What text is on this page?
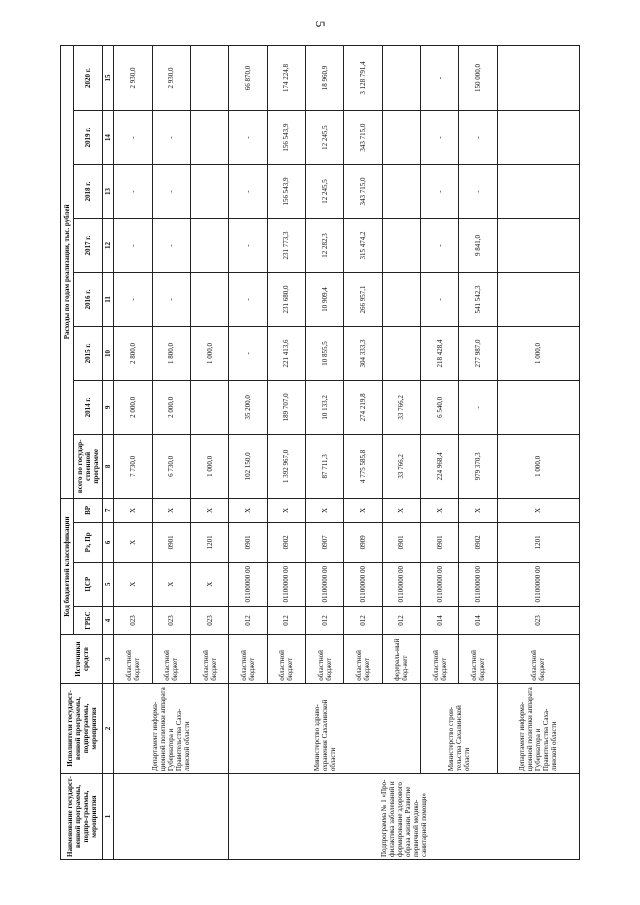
5
Наименование государст-венной программы, подпро-граммы, мероприятия	Исполнители государст-венной программы, подпрограммы, мероприятия	Источники средств	Код бюджетной классификации				Расходы по годам реализации, тыс. рублей							
			ГРБС	ЦСР	Рз, Пр	ВР	всего по государ-ственной программе	2014 г.	2015 г.	2016 г.	2017 г.	2018 г.	2019 г.	2020 г.
1	2	3	4	5	6	7	8	9	10	11	12	13	14	15
	Департамент информа-ционной политики аппарата Губернатора и Правительства Саха-линской области	областной бюджет	023	Х	Х	Х	7 730,0	2 000,0	2 800,0	-	-	-	-	2 930,0
		областной бюджет	023	Х	0901	Х	6 730,0	2 000,0	1 800,0	-	-	-	-	2 930,0
		областной бюджет	023	Х	1201	Х	1 000,0		1 000,0					
Подпрограмма № 1 «Про-филактика заболеваний и формирование здорового образа жизни. Развитие первичной медико-санитарной помощи»	Министерство здраво-охранения Сахалинской области	областной бюджет	012	01100000 00	0901	Х	102 150,0	35 200,0	-	-	-	-	-	66 870,0
		областной бюджет	012	01100000 00	0902	Х	1 392 967,0	189 707,0	221 413,6	231 680,0	231 773,3	156 543,9	156 543,9	174 224,8
		областной бюджет	012	01100000 00	0907	Х	87 711,3	10 133,2	10 855,5	10 909,4	12 282,3	12 245,5	12 245,5	18 960,9
		областной бюджет	012	01100000 00	0909	Х	4 775 585,8	274 219,8	304 333,3	266 957,1	315 474,2	343 715,0	343 715,0	3 128 791,4
		федераль-ный бюд-жет	012	01100000 00	0901	Х	33 766,2	33 766,2						
	Министерство строи-тельства Сахалинской области	областной бюджет	014	01100000 00	0901	Х	224 968,4	6 540,0	218 428,4	-	-	-	-	-
		областной бюджет	014	01100000 00	0902	Х	979 370,3	-	277 987,0	541 542,3	9 841,0	-	-	150 000,0
	Департамент информа-ционной политики аппарата Губернатора и Правительства Саха-линской области	областной бюджет	023	01100000 00	1201	Х	1 000,0		1 000,0					
